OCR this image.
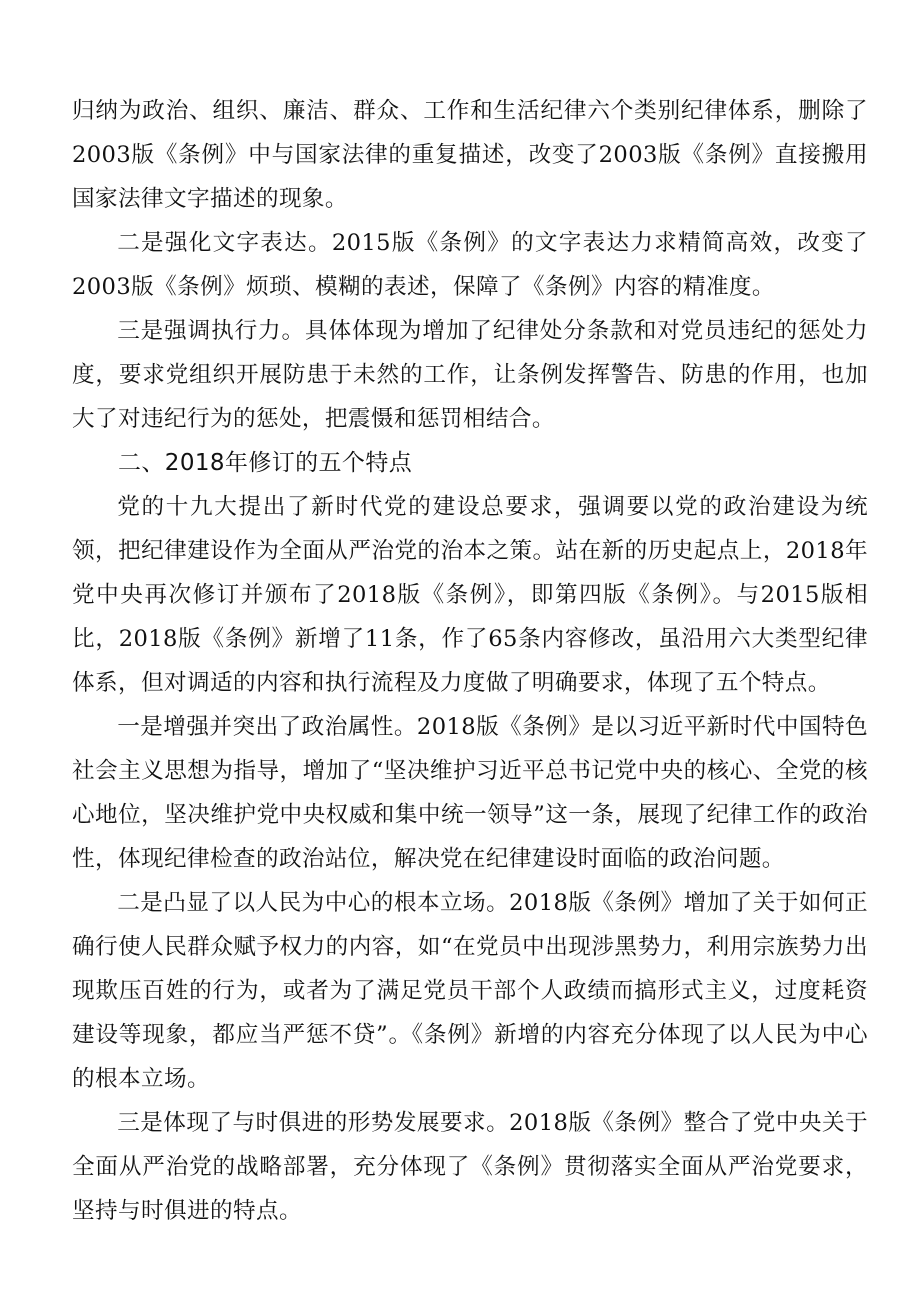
归纳为政治、组织、廉洁、群众、工作和生活纪律六个类别纪律体系，删除了2003版《条例》中与国家法律的重复描述，改变了2003版《条例》直接搬用国家法律文字描述的现象。

二是强化文字表达。2015版《条例》的文字表达力求精简高效，改变了2003版《条例》烦琐、模糊的表述，保障了《条例》内容的精准度。

三是强调执行力。具体体现为增加了纪律处分条款和对党员违纪的惩处力度，要求党组织开展防患于未然的工作，让条例发挥警告、防患的作用，也加大了对违纪行为的惩处，把震慑和惩罚相结合。

二、2018年修订的五个特点

党的十九大提出了新时代党的建设总要求，强调要以党的政治建设为统领，把纪律建设作为全面从严治党的治本之策。站在新的历史起点上，2018年党中央再次修订并颁布了2018版《条例》，即第四版《条例》。与2015版相比，2018版《条例》新增了11条，作了65条内容修改，虽沿用六大类型纪律体系，但对调适的内容和执行流程及力度做了明确要求，体现了五个特点。

一是增强并突出了政治属性。2018版《条例》是以习近平新时代中国特色社会主义思想为指导，增加了“坚决维护习近平总书记党中央的核心、全党的核心地位，坚决维护党中央权威和集中统一领导”这一条，展现了纪律工作的政治性，体现纪律检查的政治站位，解决党在纪律建设时面临的政治问题。

二是凸显了以人民为中心的根本立场。2018版《条例》增加了关于如何正确行使人民群众赋予权力的内容，如“在党员中出现涉黑势力，利用宗族势力出现欺压百姓的行为，或者为了满足党员干部个人政绩而搞形式主义，过度耗资建设等现象，都应当严惩不贷”。《条例》新增的内容充分体现了以人民为中心的根本立场。

三是体现了与时俱进的形势发展要求。2018版《条例》整合了党中央关于全面从严治党的战略部署，充分体现了《条例》贯彻落实全面从严治党要求，坚持与时俱进的特点。
